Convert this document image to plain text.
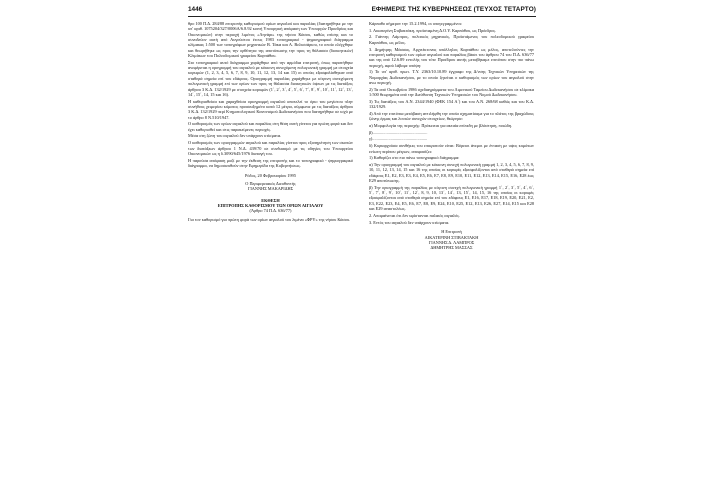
1446	ΕΦΗΜΕΡΙΣ ΤΗΣ ΚΥΒΕΡΝΗΣΕΩΣ (ΤΕΥΧΟΣ ΤΕΤΑΡΤΟ)

θρο 100 Π.Δ. 284/88 επιτροπής καθορισμού ορίων αιγιαλού και παραλίας (διατηρήθηκε με την υπ' αριθ. 1075204/327/0006Α/6.8.92 κοινή Υπουργική απόφαση των Υπουργών Προεδρίας και Οικονομικών) στην περιοχή λιμένος «Ληνάρι» της νήσου Κάσου, καθώς επίσης και το συνοδεύον αυτή από Αυγούστου έτους 1983 τοπογραφικό - ψηφιογραφικό διάγραμμα κλίμακας 1:500 των τοπογράφων μηχανικών Β. Τάκα και Α. Βελισσάριου, το οποίο ελέγχθηκε και θεωρήθηκε ως προς την ορθότητα της αποτύπωσης την προς τη θάλασσα (διοικητικών) Κλιμάκων του Πολεοδομικού γραφείου Καρπάθου.

Στο τοπογραφικό αυτό διάγραμμα χαράχθηκε από την αρμόδια επιτροπή, όπως παρατήθηκε ανεφέρεται η ορογραμμή του αιγιαλού με κόκκινη συνεχόμενη πολυγωνική γραμμή με στοιχεία κορυφών (1, 2, 3, 4, 5, 6, 7, 8, 9, 10, 11, 12, 13, 14 και 15) οι οποίες εξασφαλίσθηκαν από σταθερά σημεία επί του εδάφους. Οριογραμμή παραλίας χαράχθηκε με κίτρινη συνεχόμενη πολυγωνική γραμμή επί των ορίων των προς τη θάλασσα διοικητικών όψεων με τις διατάξεις άρθρου 3 Κ.Δ. 132/1929 με στοιχεία κορυφών (1΄, 2΄, 3΄, 4΄, 5΄, 6΄, 7΄, 8΄, 9΄, 10΄, 11΄, 12΄, 13΄, 14΄, 15΄, 14, 15 και 16).

Η καθορισθείσα και χαραχθείσα οριογραμμή αιγιαλού αποτελεί το όριο του μεγίστου πλην συνήθους χειμερίου κύματος προσαυξημένο κατά 12 μέτρα, σύμφωνα με τις διατάξεις άρθρου 3 Κ.Δ. 132/1929 περί Κτηματολογικού Κανονισμού Δωδεκανήσου που διατηρήθηκε σε ισχύ με το άρθρο 8 Ν.510/1947.

Ο καθορισμός των ορίων αιγιαλού και παραλίας στη θέση αυτή γίνεται για πρώτη φορά και δεν έχει καθορισθεί και στις παρακείμενες περιοχές.

Μέσα στη ζώνη του αιγιαλού δεν υπάρχουν κτίσματα.

Ο καθορισμός των οριογραμμών αιγιαλού και παραλίας γίνεται προς εξυπηρέτηση των σκοπών των διατάξεων άρθρου 1 Ν.Δ. 439/70 σε συνδυασμό με τις οδηγίες του Υπουργείου Οικονομικών ως η δ.3090/645/1976 διαταγή του.

Η παρούσα απόφαση μαζί με την έκθεση της επιτροπής και το τοπογραφικό - ψηφιογραφικό διάγραμμα, να δημοσιευθούν στην Εφημερίδα της Κυβερνήσεως.

Ρόδος, 20 Φεβρουαρίου 1995

Ο Περιφερειακός Διευθυντής

ΓΙΑΝΝΗΣ ΜΑΚΑΡΙΔΗΣ

ΕΚΘΕΣΗ

ΕΠΙΤΡΟΠΗΣ ΚΑΘΟΡΙΣΜΟΥ ΤΩΝ ΟΡΙΩΝ ΑΙΓΙΑΛΟΥ

(Άρθρο 74 Π.Δ. 636/77)

Για τον καθορισμό για πρώτη φορά των ορίων αιγιαλού του λιμένα «ΦΡΥ» της νήσου Κάσου.

Κάρπαθο σήμερον την 15.2.1994, οι υπογεγραμμένοι:

1. Αικατερίνη Στιβακτάκη, προϊσταμένη Δ.Ο.Υ. Καρπάθου, ως Πρόεδρος.

2. Γιάννης Λάμπρος, πολιτικός μηχανικός, Προϊστάμενος του πολεοδομικού γραφείου Καρπάθου, ως μέλος.

3. Δημήτρης Μάσσας, Αρχιτέκτονας υπάλληλος Καρπάθου ως μέλος, αποτελούντες την επιτροπή καθορισμού των ορίων αιγιαλού και παραλίας βάσει του άρθρου 74 του Π.Δ. 636/77 και της από 12.6.89 εντολής του τότε Προέδρου αυτής μεταβήκαμε επιτόπου στην πιο πάνω περιοχή, αφού λάβαμε υπόψη:

1) Το υπ' αριθ. πρωτ. Τ.Υ. 2363/10.10.89 έγγραφο της Δ/νσης Τεχνικών Υπηρεσιών της Νομαρχίας Δωδεκανήσου, με το οποίο ζητείται ο καθορισμός των ορίων του αιγιαλού στην ανω περιοχή.

2) Τα από Οκτωβρίου 1986 σχεδιαγράμματα του Λιμενικού Ταμείου Δωδεκανήσου σε κλίμακα 1:500 θεωρημένα από την Διεύθυνση Τεχνικών Υπηρεσιών του Νομού Δωδεκανήσου.

3) Τις διατάξεις του Α.Ν. 2344/1940 (ΦΕΚ 154 Α΄) και του Α.Ν. 268/68 καθώς και του Κ.Δ. 132/1929.

4) Από την επιτόπια μετάβαση αντιλήφθη την οποία σχηματίσαμε για το πλάτος της βραχώδους ζώνης έρμας και λοιπών συνεχών στοιχείων, θεώρησε:

α) Μορφολογία της περιοχής: Πρόκειται για ακταία επίπεδη με βλάστηση, ποιώδη.

β)...................................................

γ)...................................................

δ) Κυριαρχούσα συνθήκες του επικρατούν είναι: Βόρειοι άνεμοι με ένταση με υψος κυμάτων ενίωτη περίπου μέτρων, αποφασίζει:

1) Καθορίζει στο πιο πάνω τοπογραφικό διάγραμμα:

α) Την οριογραμμή του αιγιαλού με κόκκινη συνεχή πολυγωνική γραμμή 1, 2, 3, 4, 5, 6, 7, 8, 9, 10, 11, 12, 13, 14, 15 και 16 της οποίας οι κορυφές εξασφαλίζονται από σταθερά σημεία επί εδάφους Ε1, Ε2, Ε3, Ε3, Ε4, Ε5, Ε6, Ε7, Ε8, Ε9, Ε10, Ε11, Ε12, Ε13, Ε14, Ε15, Ε16, Ε28 έως Ε29 αποτύπωσης.

β) Την οριογραμμή της παραλίας με κίτρινη συνεχή πολυγωνική γραμμή 1΄, 2΄, 3΄, 5΄, 4΄, 6΄, 5΄, 7΄, 8΄, 9΄, 10΄, 11΄, 12΄, 8, 9, 10, 13΄, 14΄, 13, 15΄, 14, 15, 16 της οποίας οι κορυφές εξασφαλίζονται από σταθερά σημεία επί του εδάφους Ε1, Ε16, Ε17, Ε18, Ε19, Ε20, Ε21, Ε2, Ε3, Ε22, Ε23, Ε4, Ε5, Ε6, Ε7, Ε8, Ε9, Ε24, Ε10, Ε25, Ε12, Ε13, Ε26, Ε27, Ε14, Ε15 και Ε28 και Ε29 αναστολέως.

2. Αποφαίνεται ότι δεν υφίστανται παλαιός αιγιαλός.

3. Εντός του αιγιαλού δεν υπάρχουν κτίσματα.

Η Επιτροπή

ΑΙΚΑΤΕΡΙΝΗ ΣΤΙΒΑΚΤΑΚΗ

ΓΙΑΝΝΗΣ Δ. ΛΑΜΠΡΟΣ

ΔΗΜΗΤΡΗΣ ΜΑΣΣΑΣ
